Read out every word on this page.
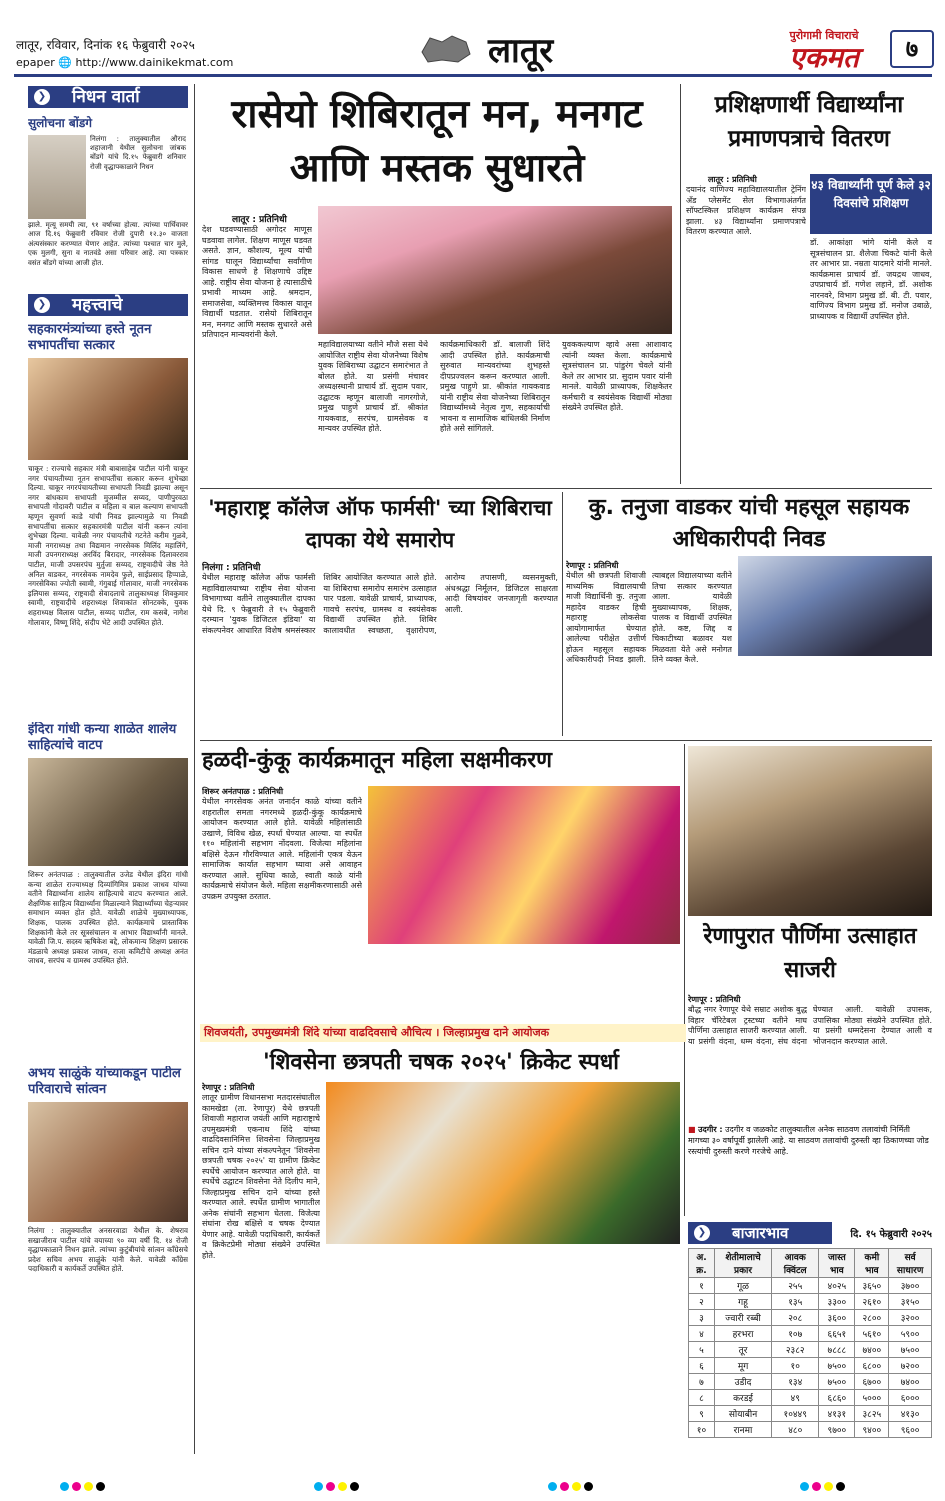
लातूर, रविवार, दिनांक १६ फेब्रुवारी २०२५
epaper 🌐 http://www.dainikekmat.com	लातूर	पुरोगामी विचाराचे
एकमत	७
❯ निधन वार्ता
सुलोचना बोंडगे
निलंगा : तालुक्यातील औराद शहाजानी येथील सुलोचना जांबक बोंडगे यांचे दि.१५ फेब्रुवारी शनिवार रोजी वृद्धापकाळाने निधन
झाले. मृत्यू समयी त्या, ९१ वर्षाच्या होत्या. त्यांच्या पार्थिवावर आज दि.१६ फेब्रुवारी रविवार रोजी दुपारी १२.३० वाजता अंत्यसंस्कार करण्यात येणार आहेत. त्यांच्या पश्चात चार मुले, एक मुलगी, सुना व नातवंडे असा परिवार आहे. त्या पत्रकार वसंत बोंडगे यांच्या आजी होत.
❯ महत्त्वाचे
सहकारमंत्र्यांच्या हस्ते नूतन सभापतींचा सत्कार
चाकूर : राज्याचे सहकार मंत्री बाबासाहेब पाटील यांनी चाकूर नगर पंचायतीच्या नूतन सभापतींचा सत्कार करून शुभेच्छा दिल्या. चाकूर नगरपंचायतीच्या सभापती निवडी झाल्या असून नगर बांधकाम सभापती मुजम्मील सय्यद, पाणीपुरवठा सभापती गोदावरी पाटील व महिला व बाल कल्याण सभापती म्हणून सुवर्णा काडे यांची निवड झाल्यामुळे या निवडी सभापतींचा सत्कार सहकारमंत्री पाटील यांनी करून त्यांना शुभेच्छा दिल्या. यावेळी नगर पंचायतीचे गटनेते करीम गुळवे, माजी नगराध्यक्ष तथा विद्यमान नगरसेवक मिलिंद महालिंगे, माजी उपनगराध्यक्ष अरविंद बिरादार, नगरसेवक दिलावरराव पाटील, माजी उपसरपंच मुर्तुजा सय्यद, राष्ट्रवादीचे जेष्ठ नेते अनिल वाडकर, नगरसेवक नामदेव फुले, साईप्रसाद हिप्पाळे, नगरसेविका ज्योती स्वामी, गंगुबाई गोलावार, माजी नगरसेवक इलियास सय्यद, राष्ट्रवादी सेवादलाचे तालुकाध्यक्ष शिवकुमार स्वामी, राष्ट्रवादीचे शहराध्यक्ष शिवाकांत सोनटक्के, युवक शहराध्यक्ष विलास पाटील, सय्यद पाटील, राम कसबे, नागेश गोलावार, विष्णू शिंदे, संदीप भेटे आदी उपस्थित होते.
इंदिरा गांधी कन्या शाळेत शालेय साहित्यांचे वाटप
शिरूर अनंतपाळ : तालुक्यातील उजेड येथील इंदिरा गांधी कन्या शाळेत राज्याध्यक्ष दिव्यांगिमित्र प्रकाश जाधव यांच्या वतीने विद्यार्थ्यांना शालेय साहित्याचे वाटप करण्यात आले. शैक्षणिक साहित्य विद्यार्थ्यांना मिळाल्याने विद्यार्थ्यांच्या चेहऱ्यावर समाधान व्यक्त होत होते. यावेळी शाळेचे मुख्याध्यापक, शिक्षक, पालक उपस्थित होते. कार्यक्रमाचे प्रास्ताविक शिक्षकांनी केले तर सूत्रसंचालन व आभार विद्यार्थ्यांनी मानले. यावेळी जि.प. सदस्य ऋषिकेश बद्दे, लोकमान्य शिक्षण प्रसारक मंडळाचे अध्यक्ष प्रकाश जाधव, राजा कमिटीचे अध्यक्ष अनंत जाधव, सरपंच व ग्रामस्थ उपस्थित होते.
अभय साळुंके यांच्याकडून पाटील परिवाराचे सांत्वन
निलंगा : तालुक्यातील अनसरवाडा येथील के. शेषराव सखाजीराव पाटील यांचे वयाच्या ९० व्या वर्षी दि. १४ रोजी वृद्धापकाळाने निधन झाले. त्यांच्या कुटुंबीयांचे सांत्वन काँग्रेसचे प्रदेश सचिव अभय साळुंके यांनी केले. यावेळी काँग्रेस पदाधिकारी व कार्यकर्ते उपस्थित होते.
रासेयो शिबिरातून मन, मनगट आणि मस्तक सुधारते
लातूर : प्रतिनिधी
देश घडवण्यासाठी अगोदर माणूस घडवावा लागेल. शिक्षण माणूस घडवत असते. ज्ञान, कौशल्य, मूल्य यांची सांगड घालून विद्यार्थ्यांचा सर्वांगीण विकास साधणे हे शिक्षणाचे उद्दिष्ट आहे. राष्ट्रीय सेवा योजना हे त्यासाठीचे प्रभावी माध्यम आहे. श्रमदान, समाजसेवा, व्यक्तिमत्त्व विकास यातून विद्यार्थी घडतात. रासेयो शिबिरातून मन, मनगट आणि मस्तक सुधारते असे प्रतिपादन मान्यवरांनी केले.
महाविद्यालयाच्या वतीने मौजे ससा येथे आयोजित राष्ट्रीय सेवा योजनेच्या विशेष युवक शिबिराच्या उद्घाटन समारंभात ते बोलत होते. या प्रसंगी मंचावर अध्यक्षस्थानी प्राचार्य डॉ. सुदाम पवार, उद्घाटक म्हणून बालाजी नागरगोजे, प्रमुख पाहुणे प्राचार्य डॉ. श्रीकांत गायकवाड, सरपंच, ग्रामसेवक व मान्यवर उपस्थित होते.
कार्यक्रमाधिकारी डॉ. बालाजी शिंदे आदी उपस्थित होते. कार्यक्रमाची सुरुवात मान्यवरांच्या शुभहस्ते दीपप्रज्वलन करून करण्यात आली. प्रमुख पाहुणे प्रा. श्रीकांत गायकवाड यांनी राष्ट्रीय सेवा योजनेच्या शिबिरातून विद्यार्थ्यांमध्ये नेतृत्व गुण, सहकार्याची भावना व सामाजिक बांधिलकी निर्माण होते असे सांगितले.
युवककल्याण व्हावे असा आशावाद त्यांनी व्यक्त केला. कार्यक्रमाचे सूत्रसंचालन प्रा. पांडुरंग चेवले यांनी केले तर आभार प्रा. सुदाम पवार यांनी मानले. यावेळी प्राध्यापक, शिक्षकेतर कर्मचारी व स्वयंसेवक विद्यार्थी मोठ्या संख्येने उपस्थित होते.
प्रशिक्षणार्थी विद्यार्थ्यांना प्रमाणपत्राचे वितरण
लातूर : प्रतिनिधी
दयानंद वाणिज्य महाविद्यालयातील ट्रेनिंग अँड प्लेसमेंट सेल विभागाअंतर्गत सॉफ्टस्किल प्रशिक्षण कार्यक्रम संपन्न झाला. ४३ विद्यार्थ्यांना प्रमाणपत्राचे वितरण करण्यात आले.
४३ विद्यार्थ्यांनी पूर्ण केले ३२ दिवसांचे प्रशिक्षण
डॉ. आकांक्षा भांगे यांनी केले व सूत्रसंचालन प्रा. शैलेजा चिकटे यांनी केले तर आभार प्रा. नम्रता यादमारे यांनी मानले. कार्यक्रमास प्राचार्य डॉ. जयद्रथ जाधव, उपप्राचार्य डॉ. गणेश लहाने, डॉ. अशोक नारनवरे, विभाग प्रमुख डॉ. बी. टी. पवार, वाणिज्य विभाग प्रमुख डॉ. मनोज उबाळे, प्राध्यापक व विद्यार्थी उपस्थित होते.
'महाराष्ट्र कॉलेज ऑफ फार्मसी' च्या शिबिराचा दापका येथे समारोप
निलंगा : प्रतिनिधी
येथील महाराष्ट्र कॉलेज ऑफ फार्मसी महाविद्यालयाच्या राष्ट्रीय सेवा योजना विभागाच्या वतीने तालुक्यातील दापका येथे दि. ९ फेब्रुवारी ते १५ फेब्रुवारी दरम्यान 'युवक डिजिटल इंडिया' या संकल्पनेवर आधारित विशेष श्रमसंस्कार शिबिर आयोजित करण्यात आले होते. या शिबिराचा समारोप समारंभ उत्साहात पार पडला. यावेळी प्राचार्य, प्राध्यापक, गावचे सरपंच, ग्रामस्थ व स्वयंसेवक विद्यार्थी उपस्थित होते. शिबिर कालावधीत स्वच्छता, वृक्षारोपण, आरोग्य तपासणी, व्यसनमुक्ती, अंधश्रद्धा निर्मूलन, डिजिटल साक्षरता आदी विषयांवर जनजागृती करण्यात आली.
कु. तनुजा वाडकर यांची महसूल सहायक अधिकारीपदी निवड
रेणापूर : प्रतिनिधी
येथील श्री छत्रपती शिवाजी माध्यमिक विद्यालयाची माजी विद्यार्थिनी कु. तनुजा महादेव वाडकर हिची महाराष्ट्र लोकसेवा आयोगामार्फत घेण्यात आलेल्या परीक्षेत उत्तीर्ण होऊन महसूल सहायक अधिकारीपदी निवड झाली. त्याबद्दल विद्यालयाच्या वतीने तिचा सत्कार करण्यात आला. यावेळी मुख्याध्यापक, शिक्षक, पालक व विद्यार्थी उपस्थित होते. कष्ट, जिद्द व चिकाटीच्या बळावर यश मिळवता येते असे मनोगत तिने व्यक्त केले.
हळदी-कुंकू कार्यक्रमातून महिला सक्षमीकरण
शिरूर अनंतपाळ : प्रतिनिधी
येथील नगरसेवक अनंत जनार्दन काळे यांच्या वतीने शहरातील समता नगरमध्ये हळदी-कुंकू कार्यक्रमाचे आयोजन करण्यात आले होते. यावेळी महिलांसाठी उखाणे, विविध खेळ, स्पर्धा घेण्यात आल्या. या स्पर्धेत ११० महिलांनी सहभाग नोंदवला. विजेत्या महिलांना बक्षिसे देऊन गौरविण्यात आले. महिलांनी एकत्र येऊन सामाजिक कार्यात सहभाग घ्यावा असे आवाहन करण्यात आले. सुधिया काळे, स्वाती काळे यांनी कार्यक्रमाचे संयोजन केले. महिला सक्षमीकरणासाठी असे उपक्रम उपयुक्त ठरतात.
रेणापुरात पौर्णिमा उत्साहात साजरी
रेणापूर : प्रतिनिधी
बौद्ध नगर रेणापूर येथे सम्राट अशोक बुद्ध विहार चॅरिटेबल ट्रस्टच्या वतीने माघ पौर्णिमा उत्साहात साजरी करण्यात आली. या प्रसंगी वंदना, धम्म वंदना, संघ वंदना घेण्यात आली. यावेळी उपासक, उपासिका मोठ्या संख्येने उपस्थित होते. या प्रसंगी धम्मदेसना देण्यात आली व भोजनदान करण्यात आले.
शिवजयंती, उपमुख्यमंत्री शिंदे यांच्या वाढदिवसाचे औचित्य । जिल्हाप्रमुख दाने आयोजक
'शिवसेना छत्रपती चषक २०२५' क्रिकेट स्पर्धा
रेणापूर : प्रतिनिधी
लातूर ग्रामीण विधानसभा मतदारसंघातील कामखेडा (ता. रेणापूर) येथे छत्रपती शिवाजी महाराज जयंती आणि महाराष्ट्राचे उपमुख्यमंत्री एकनाथ शिंदे यांच्या वाढदिवसानिमित्त शिवसेना जिल्हाप्रमुख सचिन दाने यांच्या संकल्पनेतून 'शिवसेना छत्रपती चषक २०२५' या ग्रामीण क्रिकेट स्पर्धेचे आयोजन करण्यात आले होते. या स्पर्धेचे उद्घाटन शिवसेना नेते दिलीप माने, जिल्हाप्रमुख सचिन दाने यांच्या हस्ते करण्यात आले. स्पर्धेत ग्रामीण भागातील अनेक संघांनी सहभाग घेतला. विजेत्या संघांना रोख बक्षिसे व चषक देण्यात येणार आहे. यावेळी पदाधिकारी, कार्यकर्ते व क्रिकेटप्रेमी मोठ्या संख्येने उपस्थित होते.
■ उदगीर : उदगीर व जळकोट तालुक्यातील अनेक साठवण तलावांची निर्मिती मागच्या ३० वर्षापूर्वी झालेली आहे. या साठवण तलावांची दुरुस्ती व्हा ठिकाणच्या जोड रस्त्यांची दुरुस्ती करणे गरजेचे आहे.
❯ बाजारभाव	दि. १५ फेब्रुवारी २०२५
अ. क्र.	शेतीमालाचे प्रकार	आवक क्विंटल	जास्त भाव	कमी भाव	सर्व साधारण
१	गूळ	२५५	४०२५	३६५०	३७००
२	गहू	१३५	३३००	२६१०	३१५०
३	ज्वारी रब्बी	२०८	३६००	२८००	३२००
४	हरभरा	१०७	६६५१	५६१०	५९००
५	तूर	२३८२	७८८८	७४००	७५००
६	मूग	१०	७५००	६८००	७२००
७	उडीद	१३४	७५००	६७००	७४००
८	करडई	४९	६८६०	५०००	६०००
९	सोयाबीन	१०४४९	४१३१	३८२५	४१३०
१०	रानमा	४८०	९७००	९४००	९६००
